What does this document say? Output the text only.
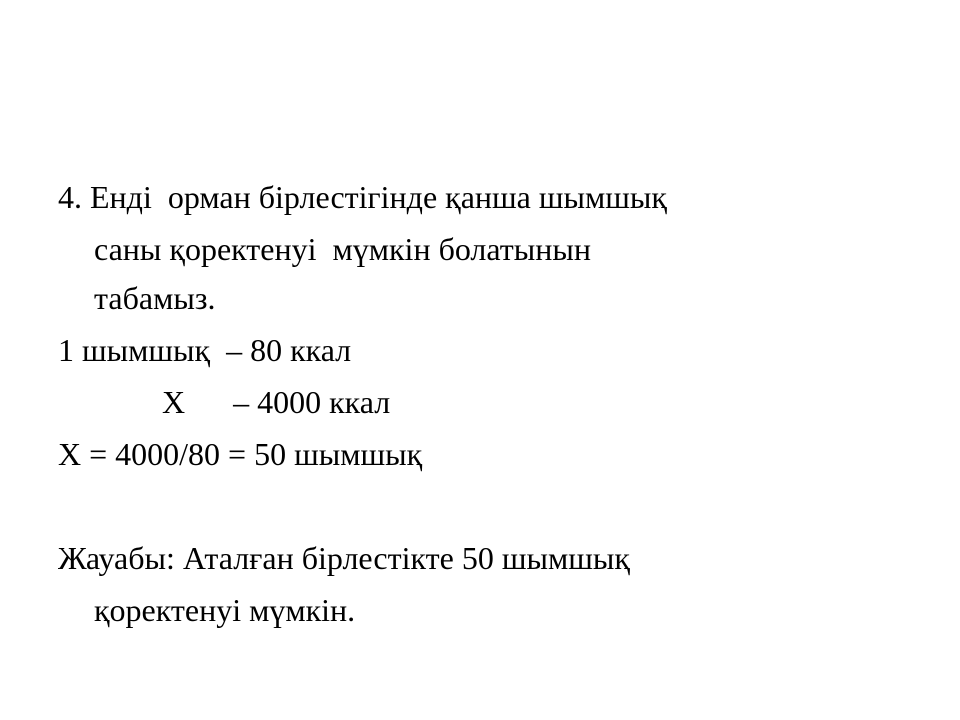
4. Енді  орман бірлестігінде қанша шымшық
саны қоректенуі  мүмкін болатынын
табамыз.
1 шымшық  – 80 ккал
Х      – 4000 ккал
Х = 4000/80 = 50 шымшық
Жауабы: Аталған бірлестікте 50 шымшық
қоректенуі мүмкін.
